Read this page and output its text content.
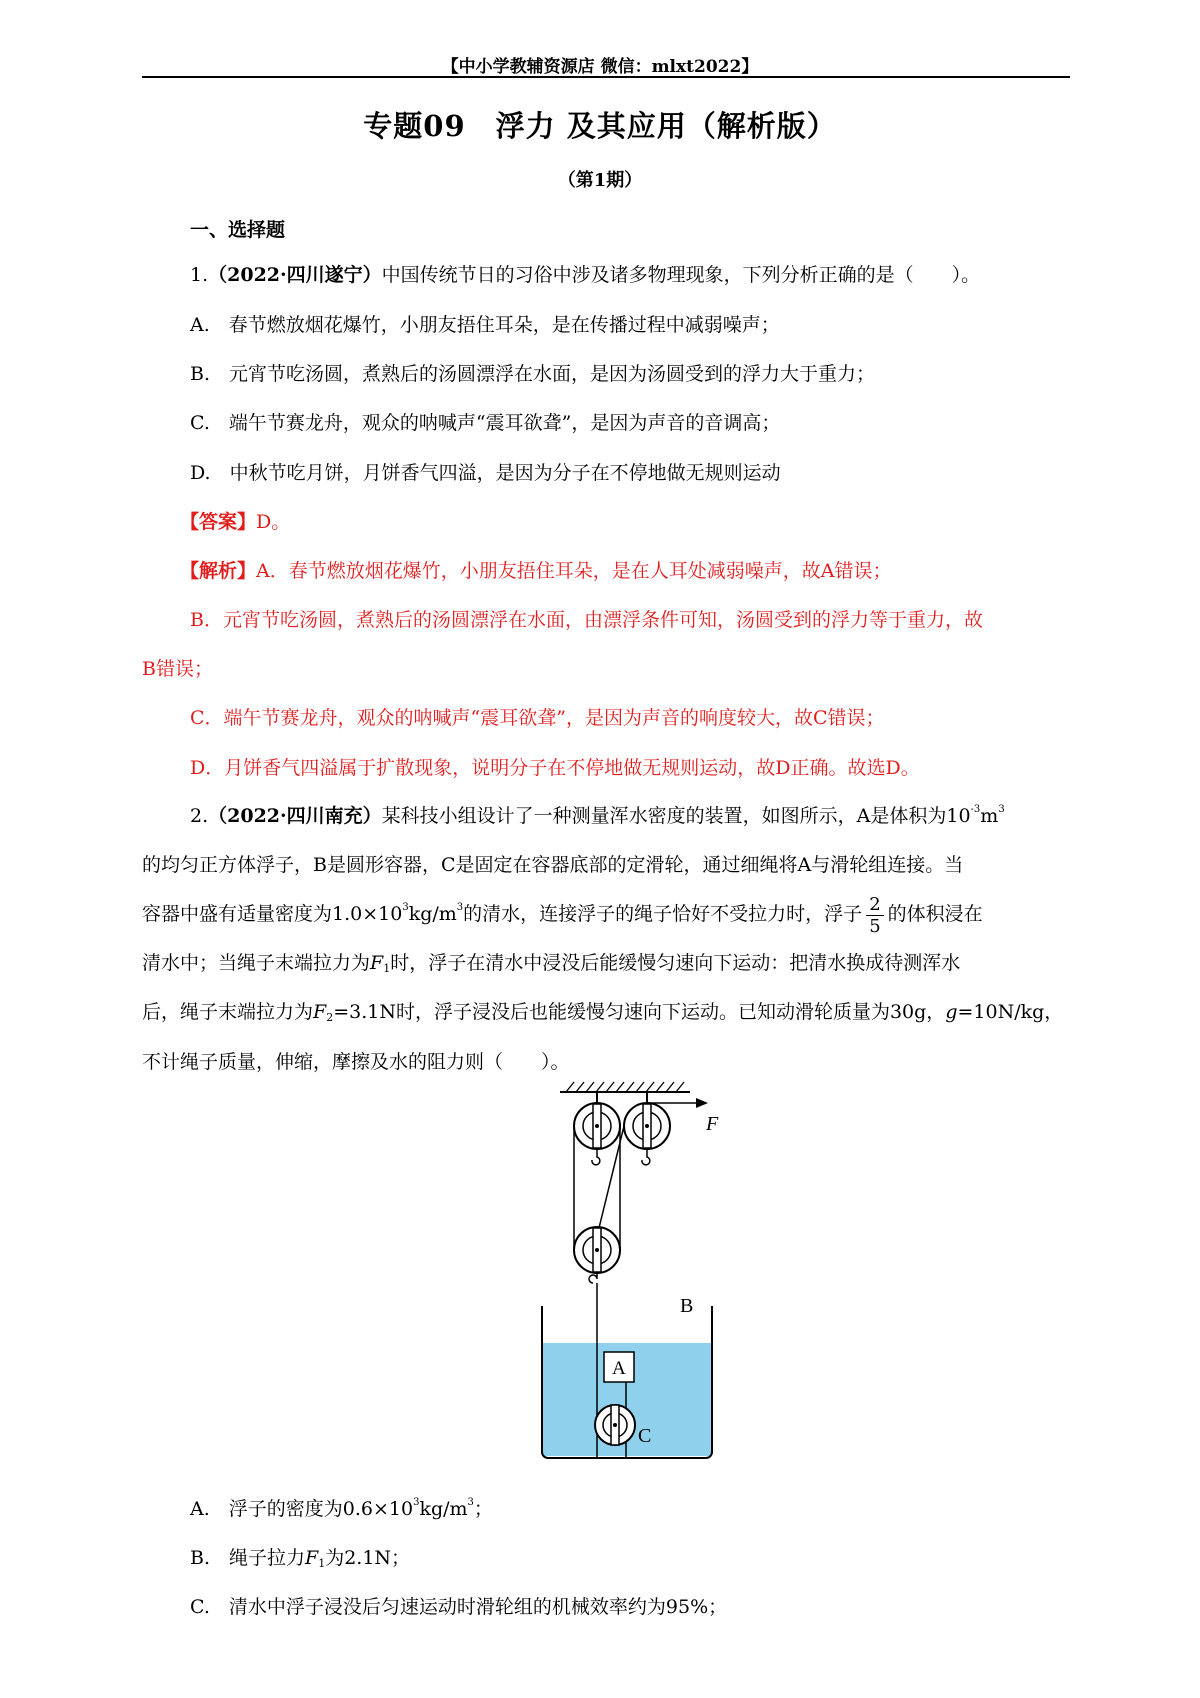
【中小学教辅资源店 微信：mlxt2022】
专题09　浮力 及其应用（解析版）
（第1期）
一、选择题
1.（2022·四川遂宁）中国传统节日的习俗中涉及诸多物理现象，下列分析正确的是（　　）。
A.　春节燃放烟花爆竹，小朋友捂住耳朵，是在传播过程中减弱噪声；
B.　元宵节吃汤圆，煮熟后的汤圆漂浮在水面，是因为汤圆受到的浮力大于重力；
C.　端午节赛龙舟，观众的呐喊声“震耳欲聋”，是因为声音的音调高；
D.　中秋节吃月饼，月饼香气四溢，是因为分子在不停地做无规则运动
【答案】D。
【解析】A．春节燃放烟花爆竹，小朋友捂住耳朵，是在人耳处减弱噪声，故A错误；
B．元宵节吃汤圆，煮熟后的汤圆漂浮在水面，由漂浮条件可知，汤圆受到的浮力等于重力，故
B错误；
C．端午节赛龙舟，观众的呐喊声“震耳欲聋”，是因为声音的响度较大，故C错误；
D．月饼香气四溢属于扩散现象，说明分子在不停地做无规则运动，故D正确。故选D。
2.（2022·四川南充）某科技小组设计了一种测量浑水密度的装置，如图所示，A是体积为$10^{-3}m^3$
的均匀正方体浮子，B是圆形容器，C是固定在容器底部的定滑轮，通过细绳将A与滑轮组连接。当
容器中盛有适量密度为$1.0\times 10^3kg/m^3$的清水，连接浮子的绳子恰好不受拉力时，浮子 $\frac{2}{5}$ 的体积浸在
清水中；当绳子末端拉力为$F_1$时，浮子在清水中浸没后能缓慢匀速向下运动：把清水换成待测浑水
后，绳子末端拉力为$F_2=3.1N$时，浮子浸没后也能缓慢匀速向下运动。已知动滑轮质量为30g，g=10N/kg，
不计绳子质量，伸缩，摩擦及水的阻力则（　　）。
F
B
A
C
A.　浮子的密度为$0.6\times 10^3kg/m^3$；
B.　绳子拉力$F_1$为2.1N；
C.　清水中浮子浸没后匀速运动时滑轮组的机械效率约为95%；
